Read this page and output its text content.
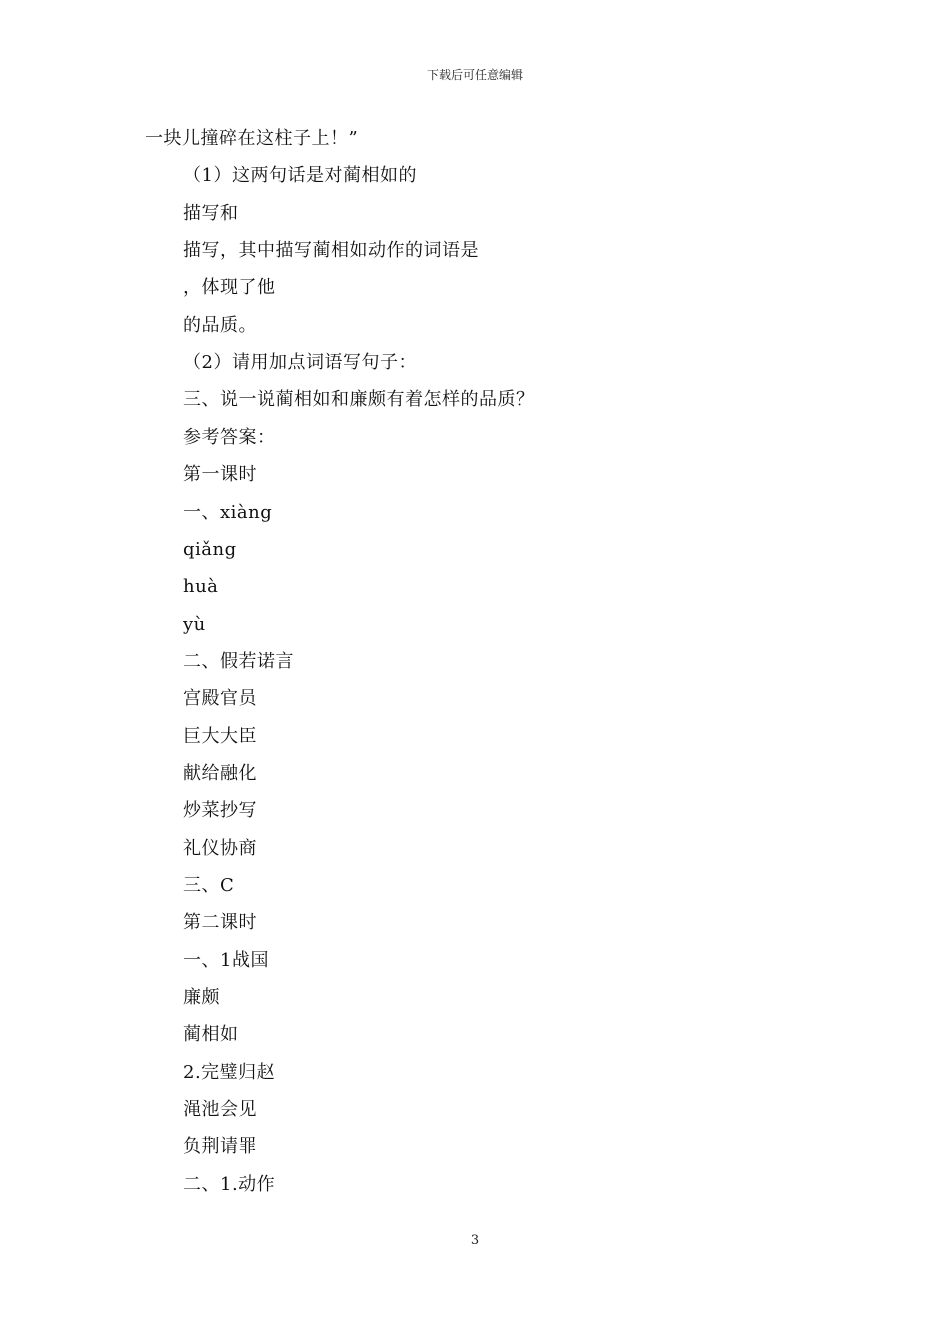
下载后可任意编辑
一块儿撞碎在这柱子上！”
（1）这两句话是对蔺相如的
描写和
描写，其中描写蔺相如动作的词语是
，体现了他
的品质。
（2）请用加点词语写句子：
三、说一说蔺相如和廉颇有着怎样的品质？
参考答案：
第一课时
一、xiàng
qiǎng
huà
yù
二、假若诺言
宫殿官员
巨大大臣
献给融化
炒菜抄写
礼仪协商
三、C
第二课时
一、1战国
廉颇
蔺相如
2.完璧归赵
渑池会见
负荆请罪
二、1.动作
3
